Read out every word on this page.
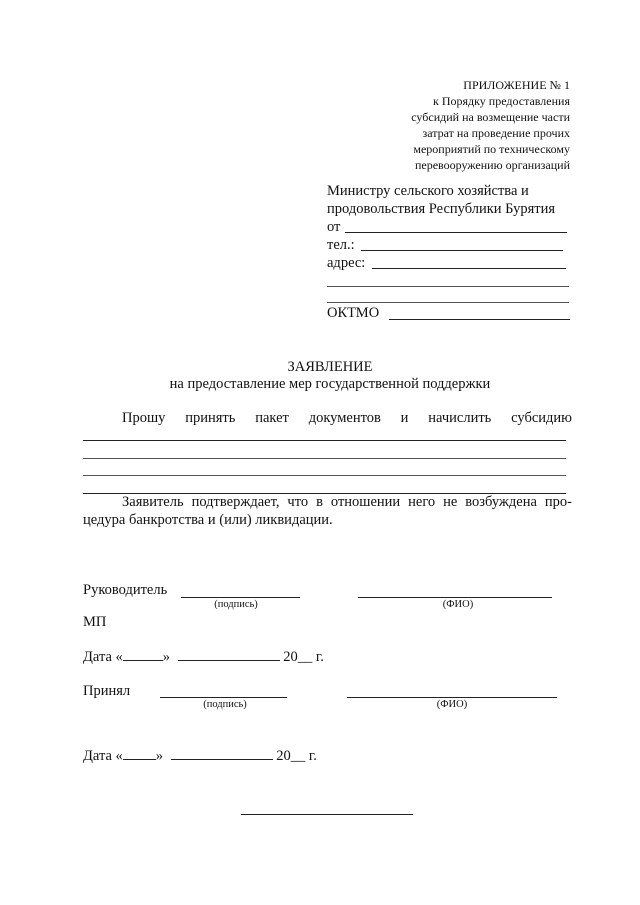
ПРИЛОЖЕНИЕ № 1
к Порядку предоставления
субсидий на возмещение части
затрат на проведение прочих
мероприятий по техническому
перевооружению организаций
Министру сельского хозяйства и
продовольствия Республики Бурятия
от
тел.:
адрес:
ОКТМО
ЗАЯВЛЕНИЕ
на предоставление мер государственной поддержки
Прошу принять пакет документов и начислить субсидию
Заявитель подтверждает, что в отношении него не возбуждена про-
цедура банкротства и (или) ликвидации.
Руководитель
(подпись)	(ФИО)
МП
Дата «	»	20__ г.
Принял
(подпись)	(ФИО)
Дата « »	20__ г.
